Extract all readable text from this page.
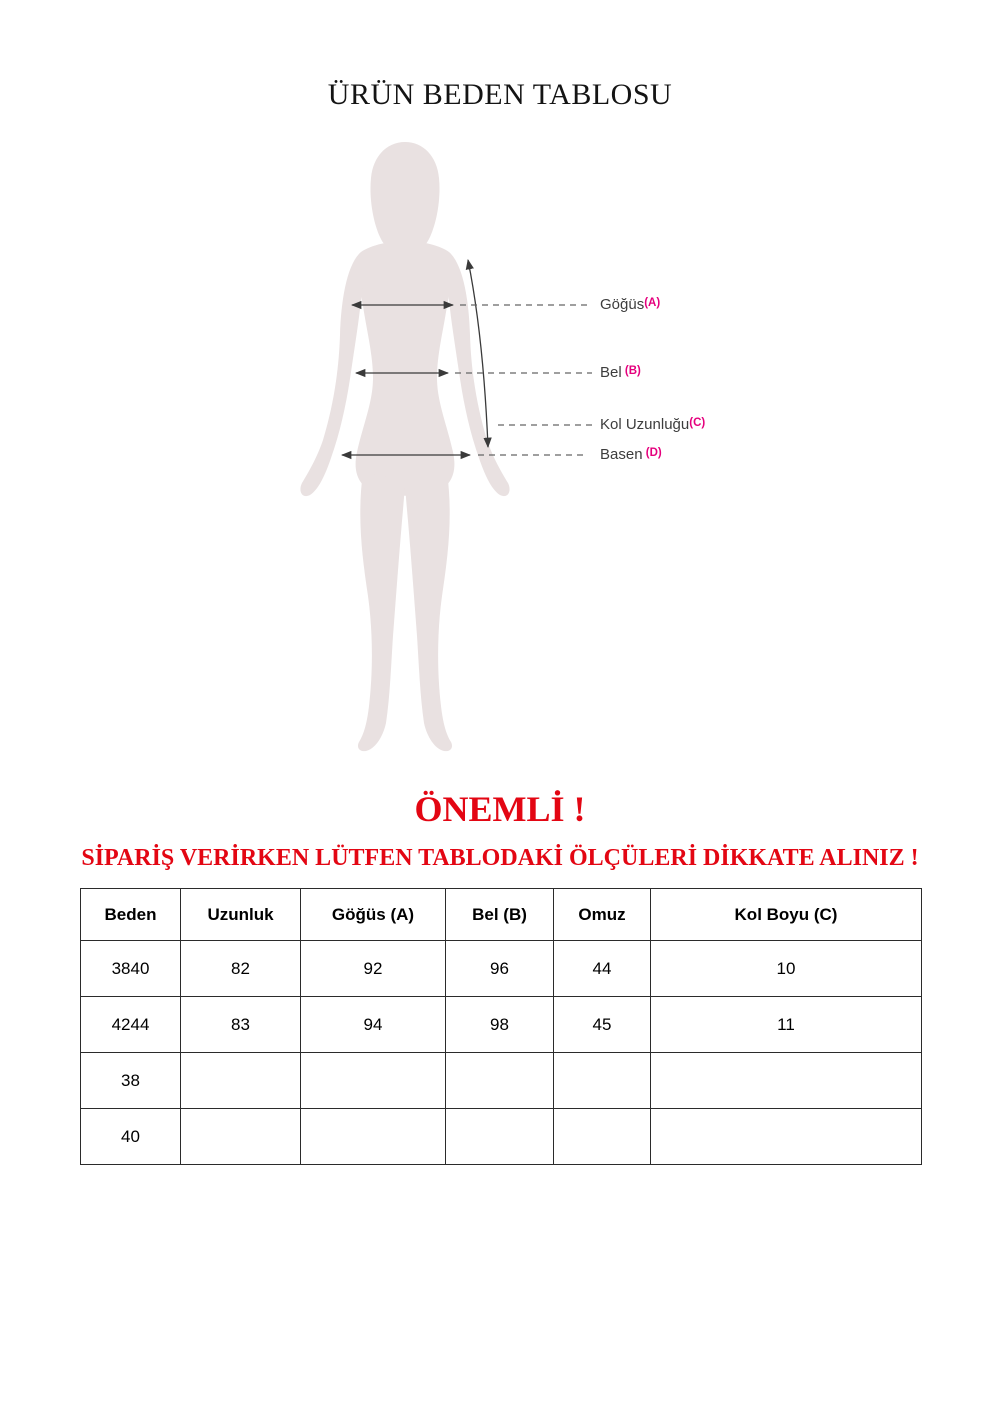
ÜRÜN BEDEN TABLOSU
Göğüs$^{(A)}$
Bel $^{(B)}$
Kol Uzunluğu$^{(C)}$
Basen $^{(D)}$
ÖNEMLİ !
SİPARİŞ VERİRKEN LÜTFEN TABLODAKİ ÖLÇÜLERİ DİKKATE ALINIZ !
Beden	Uzunluk	Göğüs (A)	Bel (B)	Omuz	Kol Boyu (C)
3840	82	92	96	44	10
4244	83	94	98	45	11
38					
40					
